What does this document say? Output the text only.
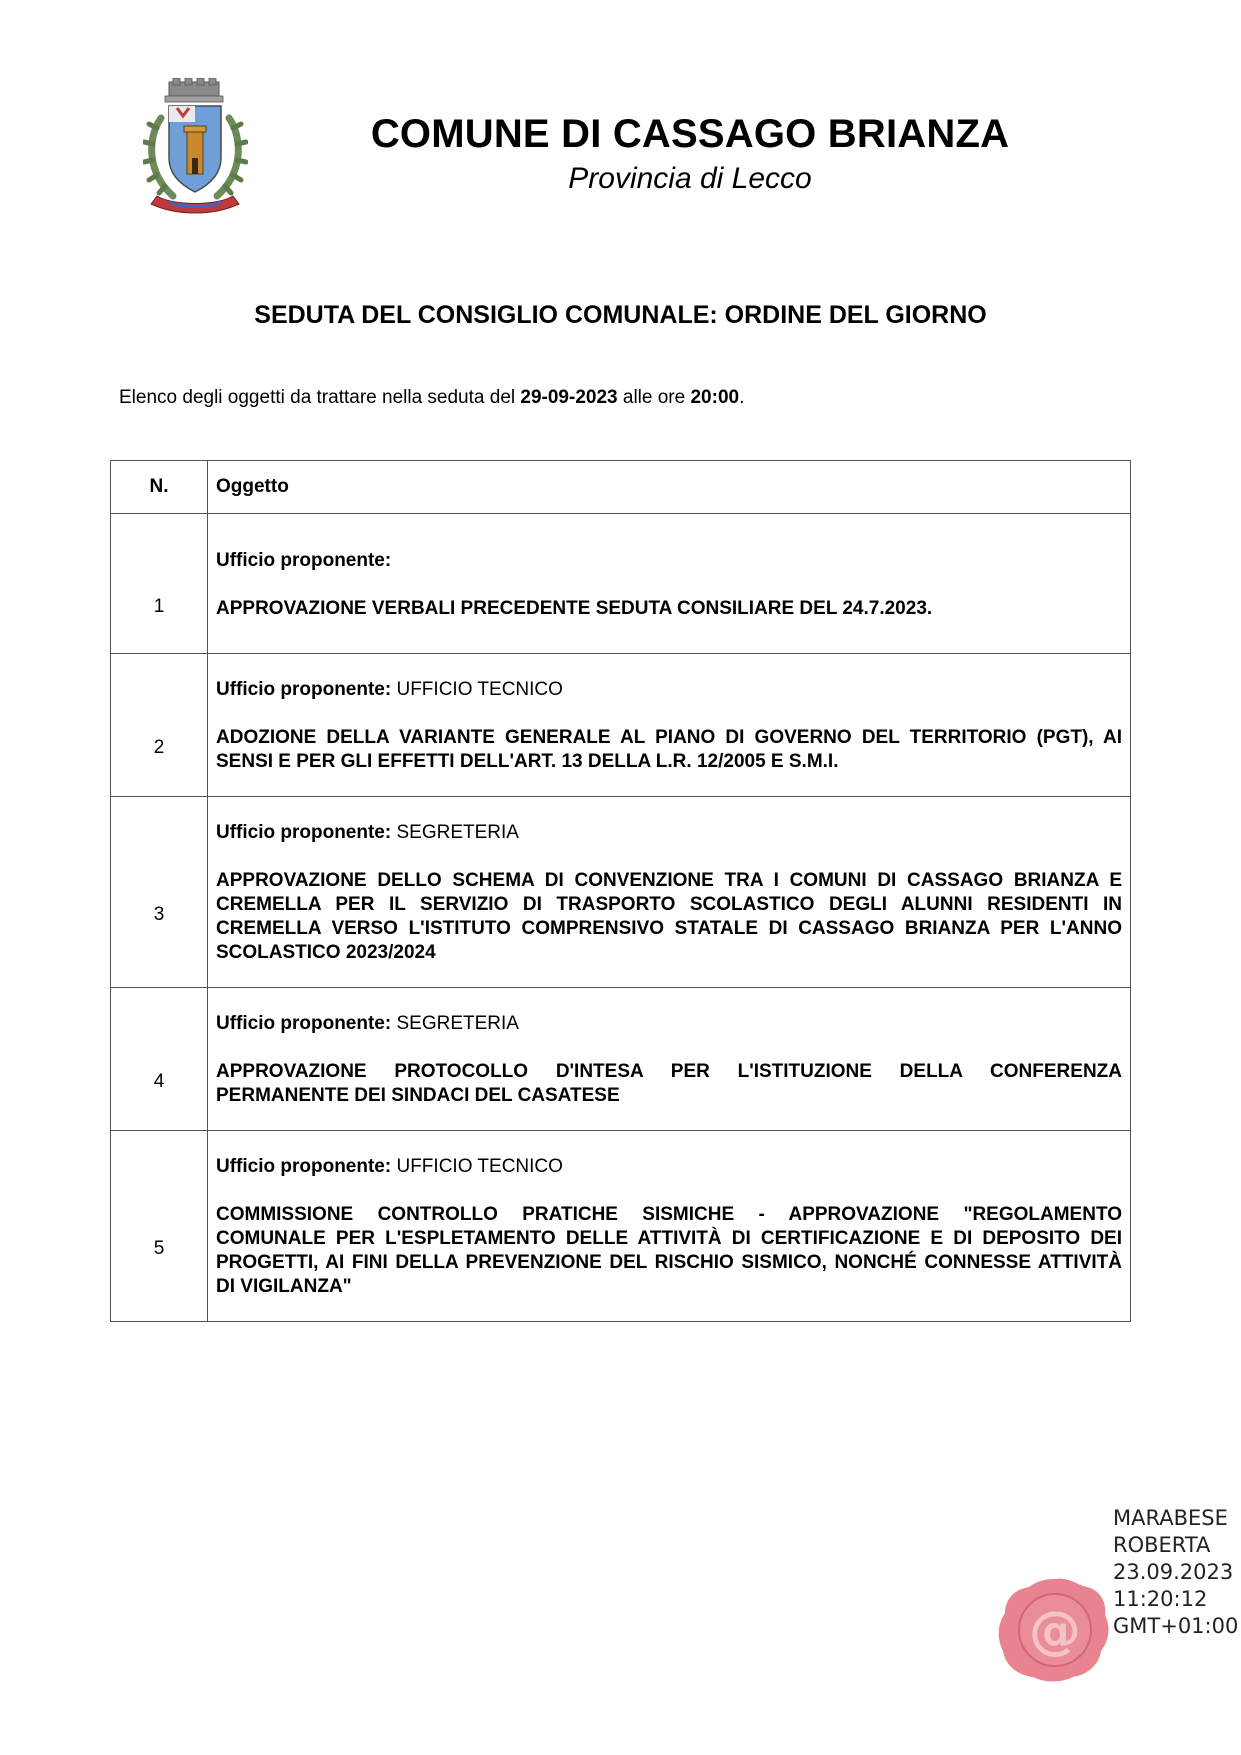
COMUNE DI CASSAGO BRIANZA
Provincia di Lecco
SEDUTA DEL CONSIGLIO COMUNALE: ORDINE DEL GIORNO
Elenco degli oggetti da trattare nella seduta del 29-09-2023 alle ore 20:00.
N.	Oggetto
1	Ufficio proponente:
APPROVAZIONE VERBALI PRECEDENTE SEDUTA CONSILIARE DEL 24.7.2023.

2	Ufficio proponente: UFFICIO TECNICO
ADOZIONE DELLA VARIANTE GENERALE AL PIANO DI GOVERNO DEL TERRITORIO (PGT), AI SENSI E PER GLI EFFETTI DELL'ART. 13 DELLA L.R. 12/2005 E S.M.I.

3	Ufficio proponente: SEGRETERIA
APPROVAZIONE DELLO SCHEMA DI CONVENZIONE TRA I COMUNI DI CASSAGO BRIANZA E CREMELLA PER IL SERVIZIO DI TRASPORTO SCOLASTICO DEGLI ALUNNI RESIDENTI IN CREMELLA VERSO L'ISTITUTO COMPRENSIVO STATALE DI CASSAGO BRIANZA PER L'ANNO SCOLASTICO 2023/2024

4	Ufficio proponente: SEGRETERIA
APPROVAZIONE PROTOCOLLO D'INTESA PER L'ISTITUZIONE DELLA CONFERENZA PERMANENTE DEI SINDACI DEL CASATESE

5	Ufficio proponente: UFFICIO TECNICO
COMMISSIONE CONTROLLO PRATICHE SISMICHE - APPROVAZIONE "REGOLAMENTO COMUNALE PER L'ESPLETAMENTO DELLE ATTIVITÀ DI CERTIFICAZIONE E DI DEPOSITO DEI PROGETTI, AI FINI DELLA PREVENZIONE DEL RISCHIO SISMICO, NONCHÉ CONNESSE ATTIVITÀ DI VIGILANZA"
@
MARABESE
ROBERTA
23.09.2023
11:20:12
GMT+01:00
